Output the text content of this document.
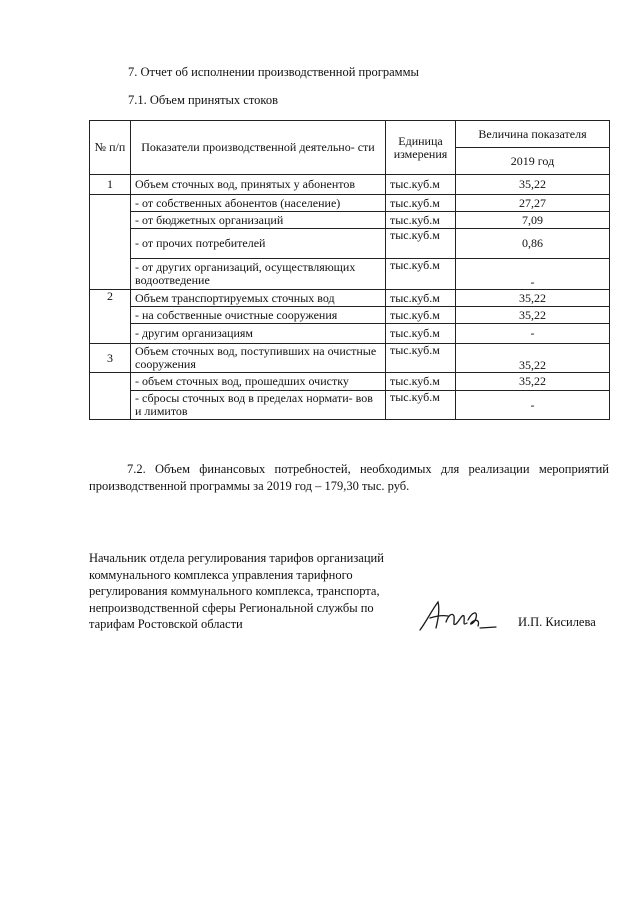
7. Отчет об исполнении производственной программы
7.1. Объем принятых стоков
№ п/п	Показатели производственной деятельно- сти	Единица измерения	Величина показателя
			2019 год
1	Объем сточных вод, принятых у абонентов	тыс.куб.м	35,22
	- от собственных абонентов (население)	тыс.куб.м	27,27
	- от бюджетных организаций	тыс.куб.м	7,09
	- от прочих потребителей	тыс.куб.м	0,86
	- от других организаций, осуществляющих водоотведение	тыс.куб.м	-
2	Объем транспортируемых сточных вод	тыс.куб.м	35,22
	- на собственные очистные сооружения	тыс.куб.м	35,22
	- другим организациям	тыс.куб.м	-
3	Объем сточных вод, поступивших на очистные сооружения	тыс.куб.м	35,22
	- объем сточных вод, прошедших очистку	тыс.куб.м	35,22
	- сбросы сточных вод в пределах нормати- вов и лимитов	тыс.куб.м	-
7.2. Объем финансовых потребностей, необходимых для реализации мероприятий производственной программы за 2019 год – 179,30 тыс. руб.
Начальник отдела регулирования тарифов организаций
коммунального комплекса управления тарифного
регулирования коммунального комплекса, транспорта,
непроизводственной сферы Региональной службы по
тарифам Ростовской области	И.П. Кисилева
